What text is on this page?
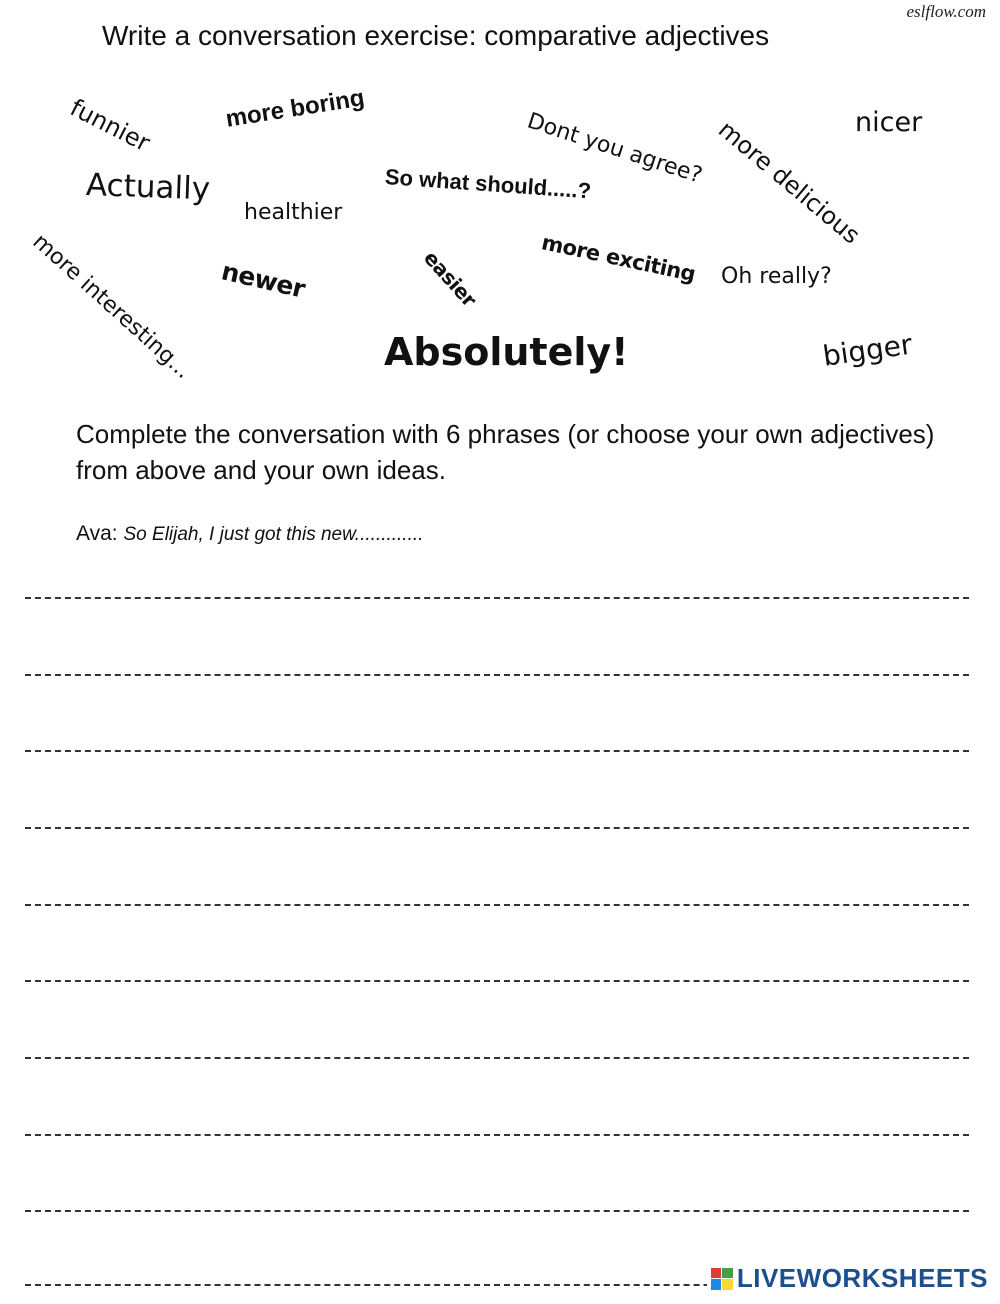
eslflow.com
Write a conversation exercise: comparative adjectives
funnier	more boring
Dont you agree? more delicious
nicer
Actually	So what should.....?
healthier
more interesting... newer	easier	more exciting Oh really?
Absolutely!	bigger
Complete the conversation with 6 phrases (or choose your own adjectives) from above and your own ideas.
Ava: So Elijah, I just got this new.............
LIVEWORKSHEETS
